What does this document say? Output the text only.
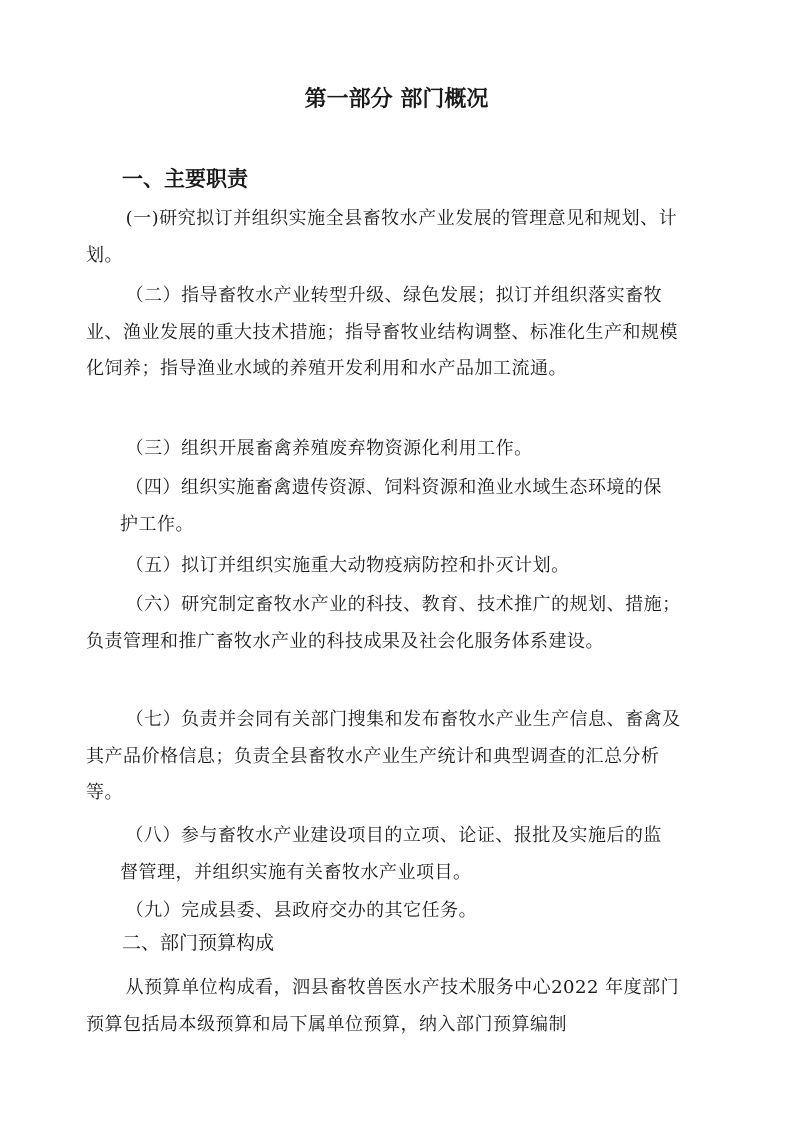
第一部分 部门概况
一、主要职责
(一)研究拟订并组织实施全县畜牧水产业发展的管理意见和规划、计划。
（二）指导畜牧水产业转型升级、绿色发展；拟订并组织落实畜牧业、渔业发展的重大技术措施；指导畜牧业结构调整、标准化生产和规模化饲养；指导渔业水域的养殖开发利用和水产品加工流通。
（三）组织开展畜禽养殖废弃物资源化利用工作。
（四）组织实施畜禽遗传资源、饲料资源和渔业水域生态环境的保护工作。
（五）拟订并组织实施重大动物疫病防控和扑灭计划。
（六）研究制定畜牧水产业的科技、教育、技术推广的规划、措施；负责管理和推广畜牧水产业的科技成果及社会化服务体系建设。
（七）负责并会同有关部门搜集和发布畜牧水产业生产信息、畜禽及其产品价格信息；负责全县畜牧水产业生产统计和典型调查的汇总分析等。
（八）参与畜牧水产业建设项目的立项、论证、报批及实施后的监督管理，并组织实施有关畜牧水产业项目。
（九）完成县委、县政府交办的其它任务。
二、部门预算构成
从预算单位构成看，泗县畜牧兽医水产技术服务中心2022 年度部门预算包括局本级预算和局下属单位预算，纳入部门预算编制
